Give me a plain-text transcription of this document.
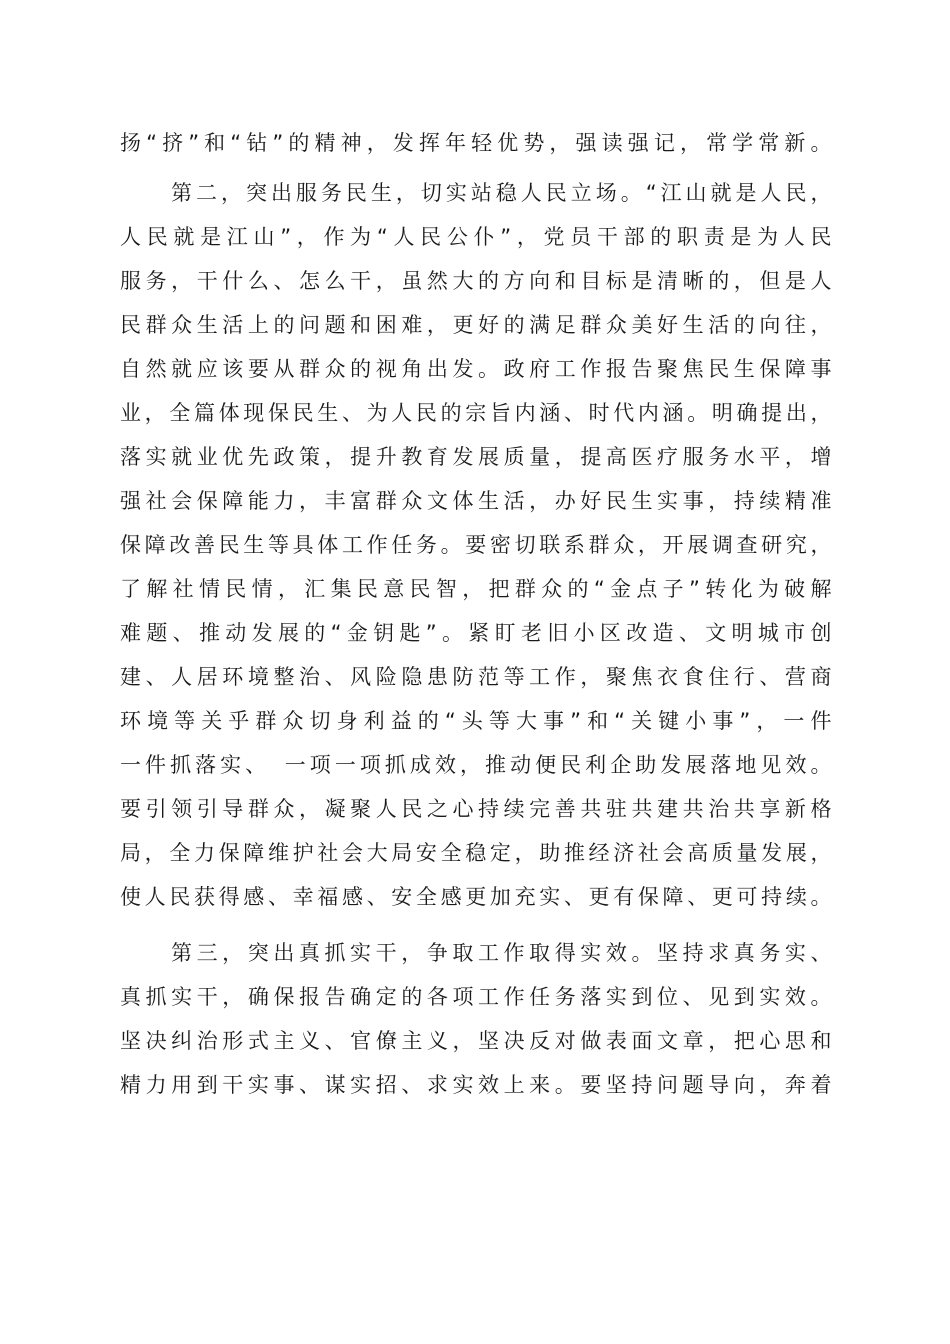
扬“挤”和“钻”的精神，发挥年轻优势，强读强记，常学常新。
第二，突出服务民生，切实站稳人民立场。“江山就是人民，
人民就是江山”，作为“人民公仆”，党员干部的职责是为人民
服务，干什么、怎么干，虽然大的方向和目标是清晰的，但是人
民群众生活上的问题和困难，更好的满足群众美好生活的向往，
自然就应该要从群众的视角出发。政府工作报告聚焦民生保障事
业，全篇体现保民生、为人民的宗旨内涵、时代内涵。明确提出，
落实就业优先政策，提升教育发展质量，提高医疗服务水平，增
强社会保障能力，丰富群众文体生活，办好民生实事，持续精准
保障改善民生等具体工作任务。要密切联系群众，开展调查研究，
了解社情民情，汇集民意民智，把群众的“金点子”转化为破解
难题、推动发展的“金钥匙”。紧盯老旧小区改造、文明城市创
建、人居环境整治、风险隐患防范等工作，聚焦衣食住行、营商
环境等关乎群众切身利益的“头等大事”和“关键小事”，一件
一件抓落实、　一项一项抓成效，推动便民利企助发展落地见效。
要引领引导群众，凝聚人民之心持续完善共驻共建共治共享新格
局，全力保障维护社会大局安全稳定，助推经济社会高质量发展，
使人民获得感、幸福感、安全感更加充实、更有保障、更可持续。
第三，突出真抓实干，争取工作取得实效。坚持求真务实、
真抓实干，确保报告确定的各项工作任务落实到位、见到实效。
坚决纠治形式主义、官僚主义，坚决反对做表面文章，把心思和
精力用到干实事、谋实招、求实效上来。要坚持问题导向，奔着
